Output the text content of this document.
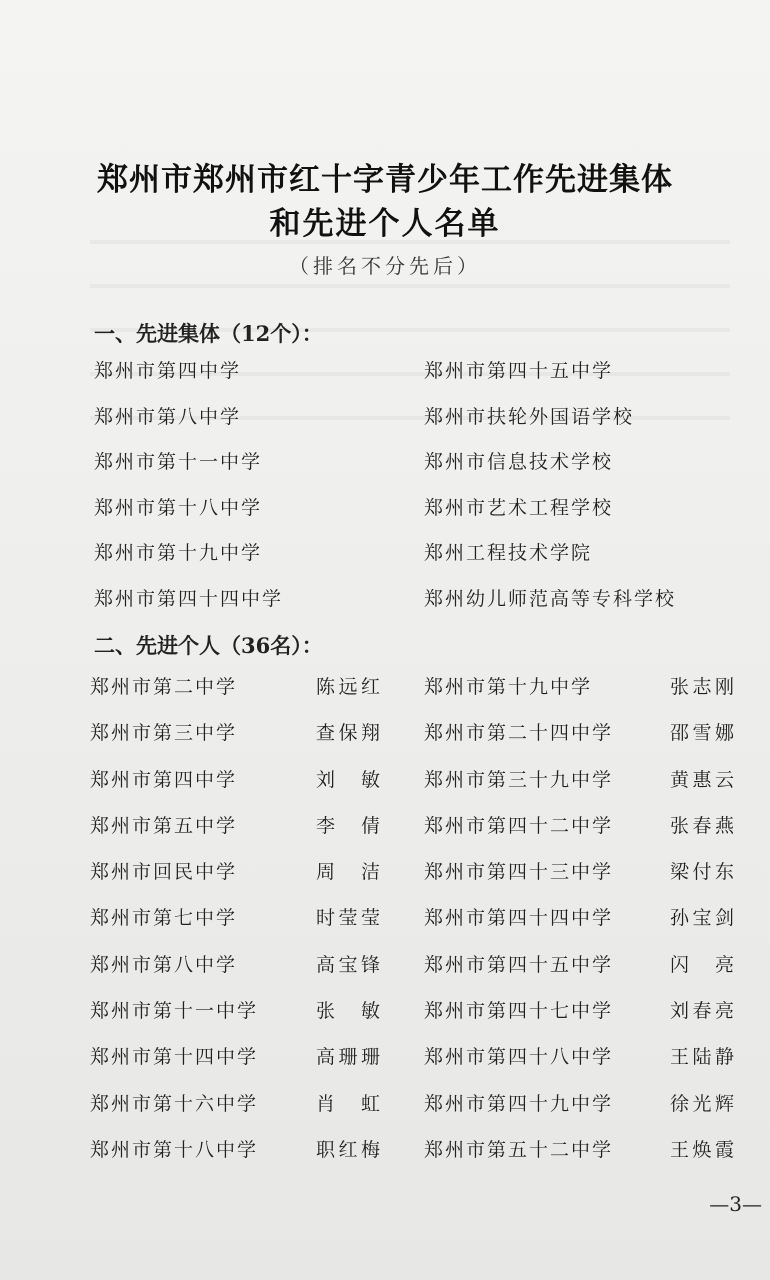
郑州市郑州市红十字青少年工作先进集体
和先进个人名单
（排名不分先后）
一、先进集体（12个）：
郑州市第四中学	郑州市第四十五中学
郑州市第八中学	郑州市扶轮外国语学校
郑州市第十一中学	郑州市信息技术学校
郑州市第十八中学	郑州市艺术工程学校
郑州市第十九中学	郑州工程技术学院
郑州市第四十四中学	郑州幼儿师范高等专科学校
二、先进个人（36名）：
郑州市第二中学	陈远红 郑州市第十九中学	张志刚
郑州市第三中学	查保翔 郑州市第二十四中学	邵雪娜
郑州市第四中学	刘 敏 郑州市第三十九中学	黄惠云
郑州市第五中学	李 倩 郑州市第四十二中学	张春燕
郑州市回民中学	周 洁 郑州市第四十三中学	梁付东
郑州市第七中学	时莹莹 郑州市第四十四中学	孙宝剑
郑州市第八中学	高宝锋 郑州市第四十五中学	闪 亮
郑州市第十一中学	张 敏 郑州市第四十七中学	刘春亮
郑州市第十四中学	高珊珊 郑州市第四十八中学	王陆静
郑州市第十六中学	肖 虹 郑州市第四十九中学	徐光辉
郑州市第十八中学	职红梅 郑州市第五十二中学	王焕霞
—3—
